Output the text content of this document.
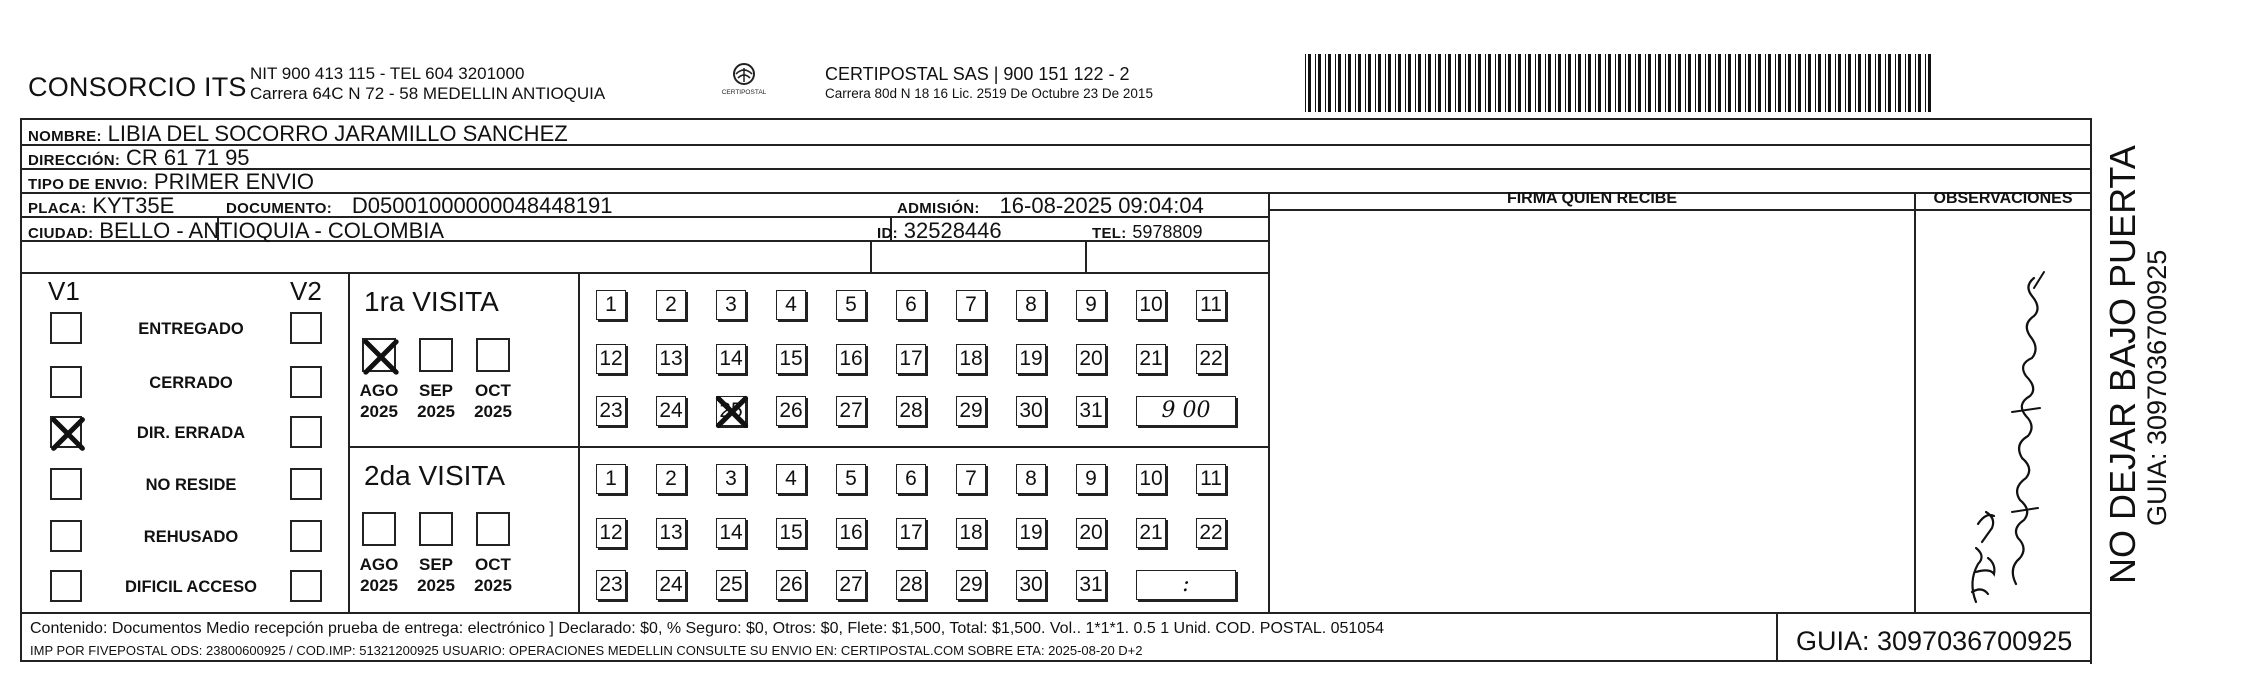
CONSORCIO ITS NIT 900 413 115 - TEL 604 3201000
Carrera 64C N 72 - 58 MEDELLIN ANTIOQUIA	CERTIPOSTAL
CERTIPOSTAL SAS | 900 151 122 - 2
Carrera 80d N 18 16 Lic. 2519 De Octubre 23 De 2015
NOMBRE: LIBIA DEL SOCORRO JARAMILLO SANCHEZ
DIRECCIÓN: CR 61 71 95
TIPO DE ENVIO: PRIMER ENVIO
PLACA: KYT35E	DOCUMENTO: D05001000000048448191	ADMISIÓN: 16-08-2025 09:04:04
CIUDAD: BELLO - ANTIOQUIA - COLOMBIA	ID: 32528446	TEL: 5978809
FIRMA QUIEN RECIBE	OBSERVACIONES
Puerta apartamento
V1	V2
ENTREGADO
CERRADO
DIR. ERRADA
NO RESIDE
REHUSADO
DIFICIL ACCESO
1ra VISITA
AGO
2025
SEP
2025
OCT
2025
1	2	3	4	5	6	7	8	9	10 11
12 13 14 15 16 17 18 19 20 21 22
23 24 25 26 27 28 29 30 31	9 00
2da VISITA
AGO
2025
SEP
2025
OCT
2025
1	2	3	4	5	6	7	8	9	10 11
12 13 14 15 16 17 18 19 20 21 22
23 24 25 26 27 28 29 30 31	:
Contenido: Documentos Medio recepción prueba de entrega: electrónico ] Declarado: $0, % Seguro: $0, Otros: $0, Flete: $1,500, Total: $1,500. Vol.. 1*1*1. 0.5 1 Unid. COD. POSTAL. 051054
IMP POR FIVEPOSTAL ODS: 23800600925 / COD.IMP: 51321200925 USUARIO: OPERACIONES MEDELLIN CONSULTE SU ENVIO EN: CERTIPOSTAL.COM SOBRE ETA: 2025-08-20 D+2	GUIA: 3097036700925
NO DEJAR BAJO PUERTA GUIA: 3097036700925
